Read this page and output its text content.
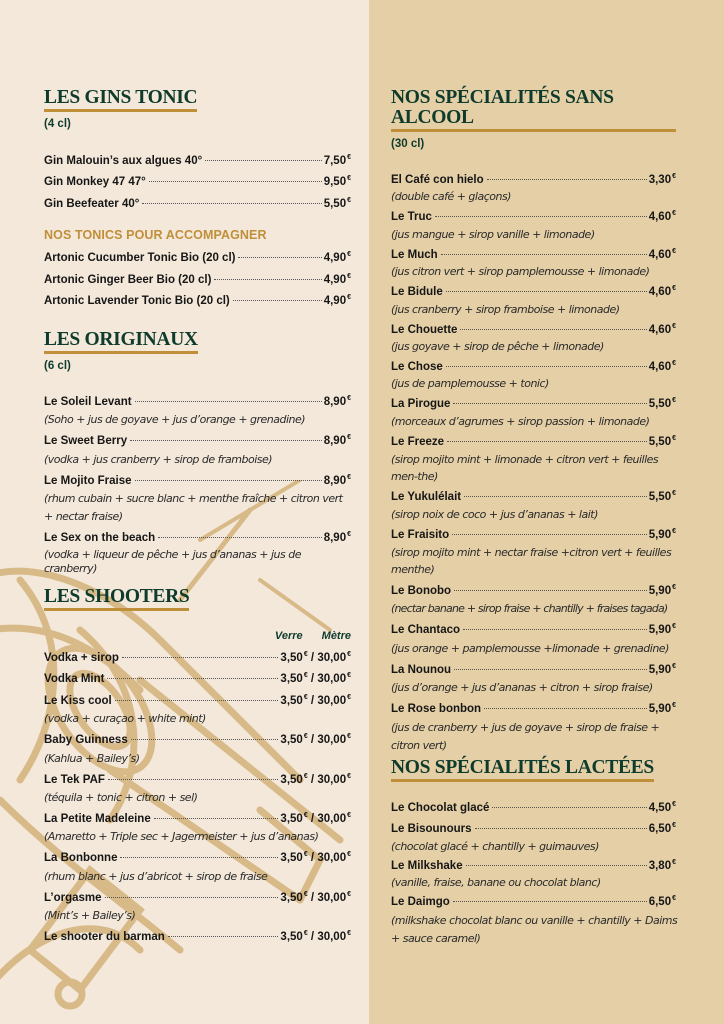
LES GINS TONIC
(4 cl)
Gin Malouin’s aux algues 40°	7,50€
Gin Monkey 47 47°	9,50€
Gin Beefeater 40°	5,50€
NOS TONICS POUR ACCOMPAGNER
Artonic Cucumber Tonic Bio (20 cl)	4,90€
Artonic Ginger Beer Bio (20 cl)	4,90€
Artonic Lavender Tonic Bio (20 cl)	4,90€
LES ORIGINAUX
(6 cl)
Le Soleil Levant	8,90€
(Soho + jus de goyave + jus d’orange + grenadine)
Le Sweet Berry	8,90€
(vodka + jus cranberry + sirop de framboise)
Le Mojito Fraise	8,90€
(rhum cubain + sucre blanc + menthe fraîche + citron vert + nectar fraise)
Le Sex on the beach	8,90€
(vodka + liqueur de pêche + jus d’ananas + jus de cranberry)
LES SHOOTERS
Verre Mètre
Vodka + sirop	3,50€ / 30,00€
Vodka Mint	3,50€ / 30,00€
Le Kiss cool	3,50€ / 30,00€
(vodka + curaçao + white mint)
Baby Guinness	3,50€ / 30,00€
(Kahlua + Bailey’s)
Le Tek PAF	3,50€ / 30,00€
(téquila + tonic + citron + sel)
La Petite Madeleine	3,50€ / 30,00€
(Amaretto + Triple sec + Jagermeister + jus d’ananas)
La Bonbonne	3,50€ / 30,00€
(rhum blanc + jus d’abricot + sirop de fraise
L’orgasme	3,50€ / 30,00€
(Mint’s + Bailey’s)
Le shooter du barman	3,50€ / 30,00€
NOS SPÉCIALITÉS SANS ALCOOL
(30 cl)
El Café con hielo	3,30€
(double café + glaçons)
Le Truc	4,60€
(jus mangue + sirop vanille + limonade)
Le Much	4,60€
(jus citron vert + sirop pamplemousse + limonade)
Le Bidule	4,60€
(jus cranberry + sirop framboise + limonade)
Le Chouette	4,60€
(jus goyave + sirop de pêche + limonade)
Le Chose	4,60€
(jus de pamplemousse + tonic)
La Pirogue	5,50€
(morceaux d’agrumes + sirop passion + limonade)
Le Freeze	5,50€
(sirop mojito mint + limonade + citron vert + feuilles men-the)
Le Yukulélait	5,50€
(sirop noix de coco + jus d’ananas + lait)
Le Fraisito	5,90€
(sirop mojito mint + nectar fraise +citron vert + feuilles menthe)
Le Bonobo	5,90€
(nectar banane + sirop fraise + chantilly + fraises tagada)
Le Chantaco	5,90€
(jus orange + pamplemousse +limonade + grenadine)
La Nounou	5,90€
(jus d’orange + jus d’ananas + citron + sirop fraise)
Le Rose bonbon	5,90€
(jus de cranberry + jus de goyave + sirop de fraise + citron vert)
NOS SPÉCIALITÉS LACTÉES
Le Chocolat glacé	4,50€
Le Bisounours	6,50€
(chocolat glacé + chantilly + guimauves)
Le Milkshake	3,80€
(vanille, fraise, banane ou chocolat blanc)
Le Daimgo	6,50€
(milkshake chocolat blanc ou vanille + chantilly + Daims + sauce caramel)
